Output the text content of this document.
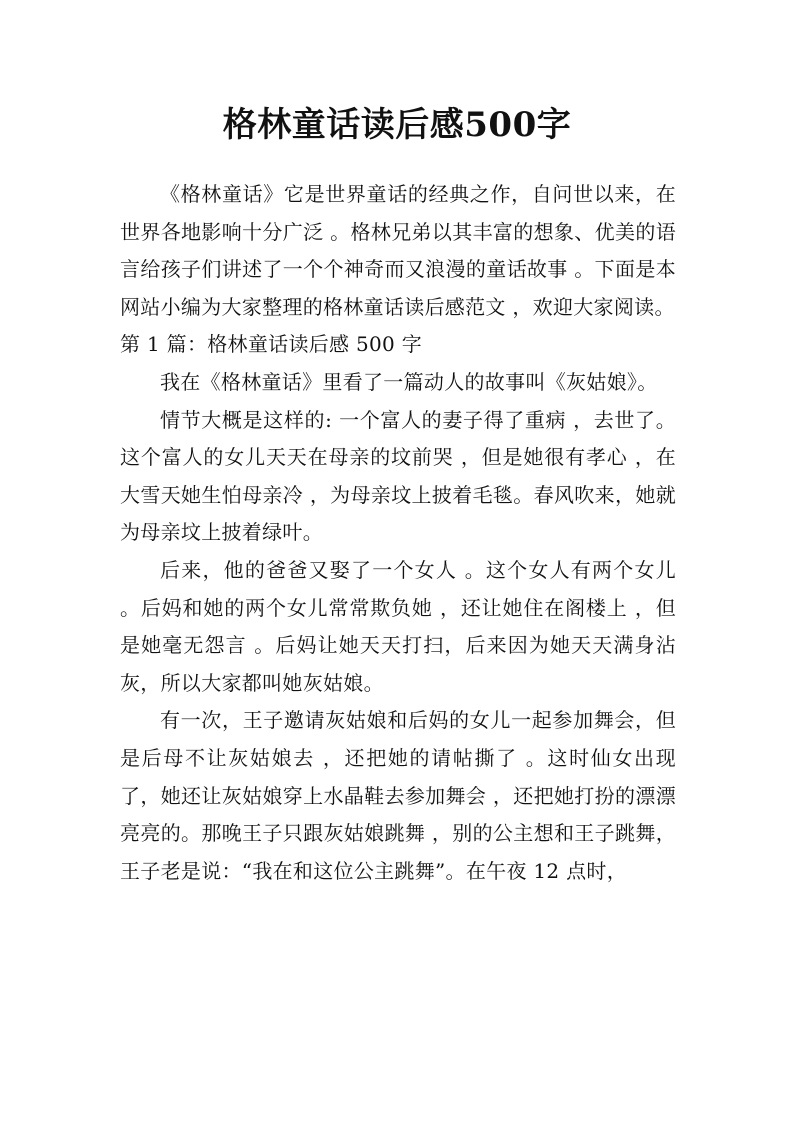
格林童话读后感500字

《格林童话》它是世界童话的经典之作，自问世以来，在世界各地影响十分广泛 。格林兄弟以其丰富的想象、优美的语言给孩子们讲述了一个个神奇而又浪漫的童话故事 。下面是本网站小编为大家整理的格林童话读后感范文 ，欢迎大家阅读。

第 1 篇：格林童话读后感 500 字

我在《格林童话》里看了一篇动人的故事叫《灰姑娘》。

情节大概是这样的: 一个富人的妻子得了重病 ，去世了。这个富人的女儿天天在母亲的坟前哭 ，但是她很有孝心 ，在大雪天她生怕母亲冷 ，为母亲坟上披着毛毯。春风吹来，她就为母亲坟上披着绿叶。

后来，他的爸爸又娶了一个女人 。这个女人有两个女儿 。后妈和她的两个女儿常常欺负她 ，还让她住在阁楼上 ，但是她毫无怨言 。后妈让她天天打扫，后来因为她天天满身沾灰，所以大家都叫她灰姑娘。

有一次，王子邀请灰姑娘和后妈的女儿一起参加舞会，但是后母不让灰姑娘去 ，还把她的请帖撕了 。这时仙女出现了，她还让灰姑娘穿上水晶鞋去参加舞会 ，还把她打扮的漂漂亮亮的。那晚王子只跟灰姑娘跳舞 ，别的公主想和王子跳舞，王子老是说：“我在和这位公主跳舞”。在午夜 12 点时，
